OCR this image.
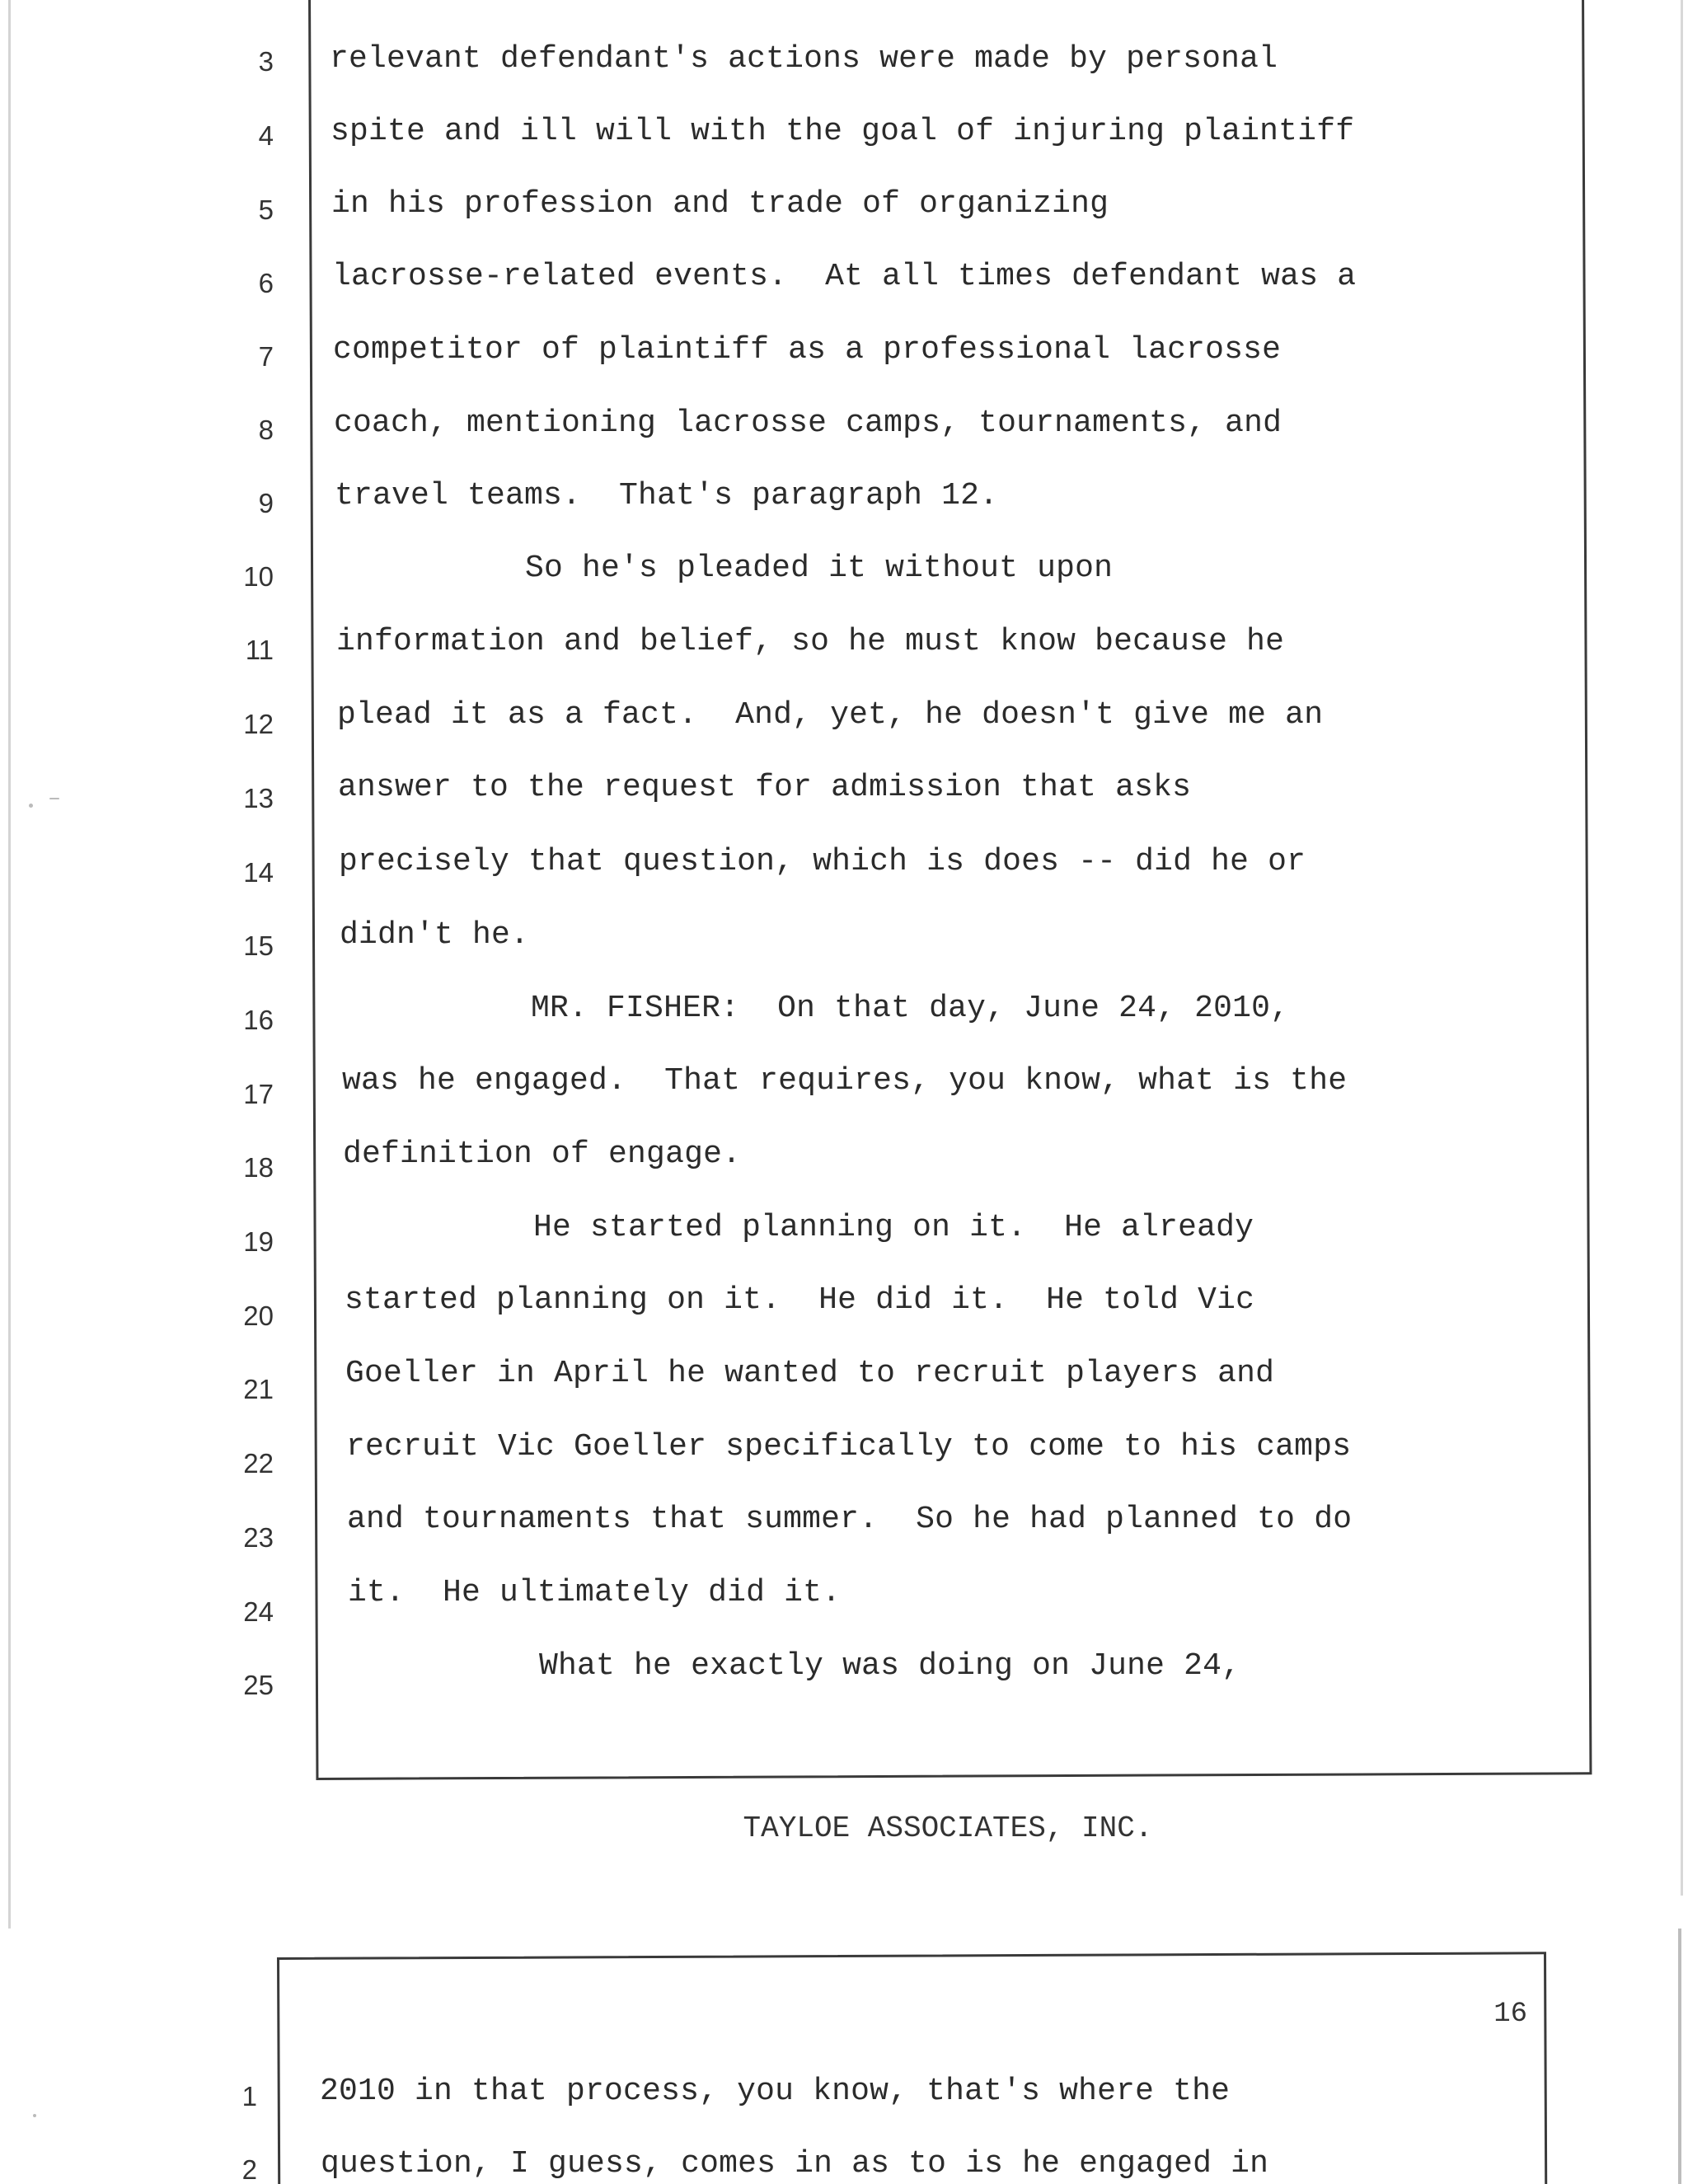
3 relevant defendant's actions were made by personal
4 spite and ill will with the goal of injuring plaintiff
5 in his profession and trade of organizing
6 lacrosse-related events.  At all times defendant was a
7 competitor of plaintiff as a professional lacrosse
8 coach, mentioning lacrosse camps, tournaments, and
9 travel teams.  That's paragraph 12.
10 So he's pleaded it without upon
11 information and belief, so he must know because he
12 plead it as a fact.  And, yet, he doesn't give me an
13 answer to the request for admission that asks
14 precisely that question, which is does -- did he or
15 didn't he.
16 MR. FISHER:  On that day, June 24, 2010,
17 was he engaged.  That requires, you know, what is the
18 definition of engage.
19 He started planning on it.  He already
20 started planning on it.  He did it.  He told Vic
21 Goeller in April he wanted to recruit players and
22 recruit Vic Goeller specifically to come to his camps
23
and tournaments that summer.  So he had planned to do
24
it.  He ultimately did it.
25
What he exactly was doing on June 24,
TAYLOE ASSOCIATES, INC.
16
1 2010 in that process, you know, that's where the
2 question, I guess, comes in as to is he engaged in
